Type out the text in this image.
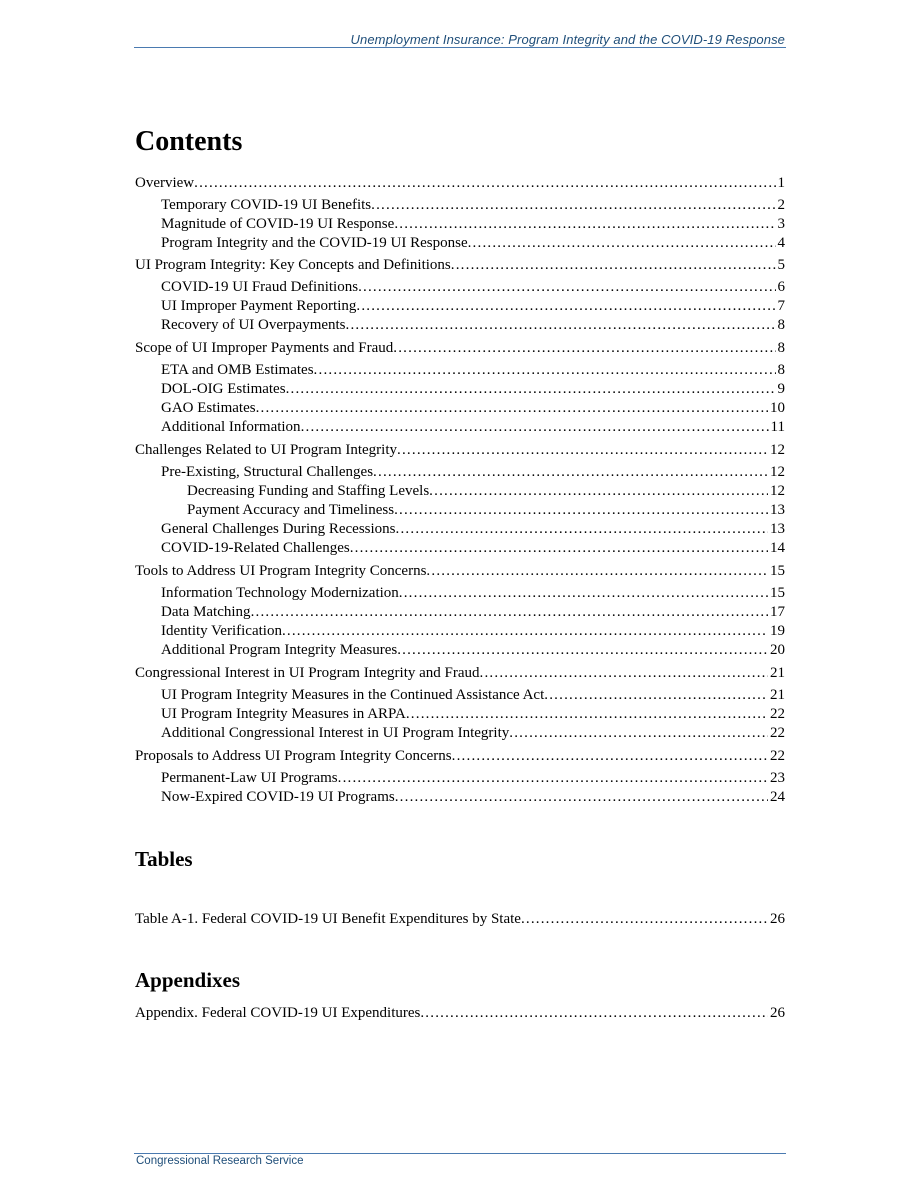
Unemployment Insurance: Program Integrity and the COVID-19 Response
Contents
Overview .....	1
Temporary COVID-19 UI Benefits .....	2
Magnitude of COVID-19 UI Response .....	3
Program Integrity and the COVID-19 UI Response .....	4
UI Program Integrity: Key Concepts and Definitions .....	5
COVID-19 UI Fraud Definitions .....	6
UI Improper Payment Reporting .....	7
Recovery of UI Overpayments .....	8
Scope of UI Improper Payments and Fraud .....	8
ETA and OMB Estimates .....	8
DOL-OIG Estimates .....	9
GAO Estimates .....	10
Additional Information .....	11
Challenges Related to UI Program Integrity .....	12
Pre-Existing, Structural Challenges .....	12
Decreasing Funding and Staffing Levels .....	12
Payment Accuracy and Timeliness .....	13
General Challenges During Recessions .....	13
COVID-19-Related Challenges .....	14
Tools to Address UI Program Integrity Concerns .....	15
Information Technology Modernization .....	15
Data Matching .....	17
Identity Verification .....	19
Additional Program Integrity Measures .....	20
Congressional Interest in UI Program Integrity and Fraud .....	21
UI Program Integrity Measures in the Continued Assistance Act .....	21
UI Program Integrity Measures in ARPA .....	22
Additional Congressional Interest in UI Program Integrity .....	22
Proposals to Address UI Program Integrity Concerns .....	22
Permanent-Law UI Programs .....	23
Now-Expired COVID-19 UI Programs .....	24
Tables
Table A-1. Federal COVID-19 UI Benefit Expenditures by State .....	26
Appendixes
Appendix. Federal COVID-19 UI Expenditures .....	26
Congressional Research Service
